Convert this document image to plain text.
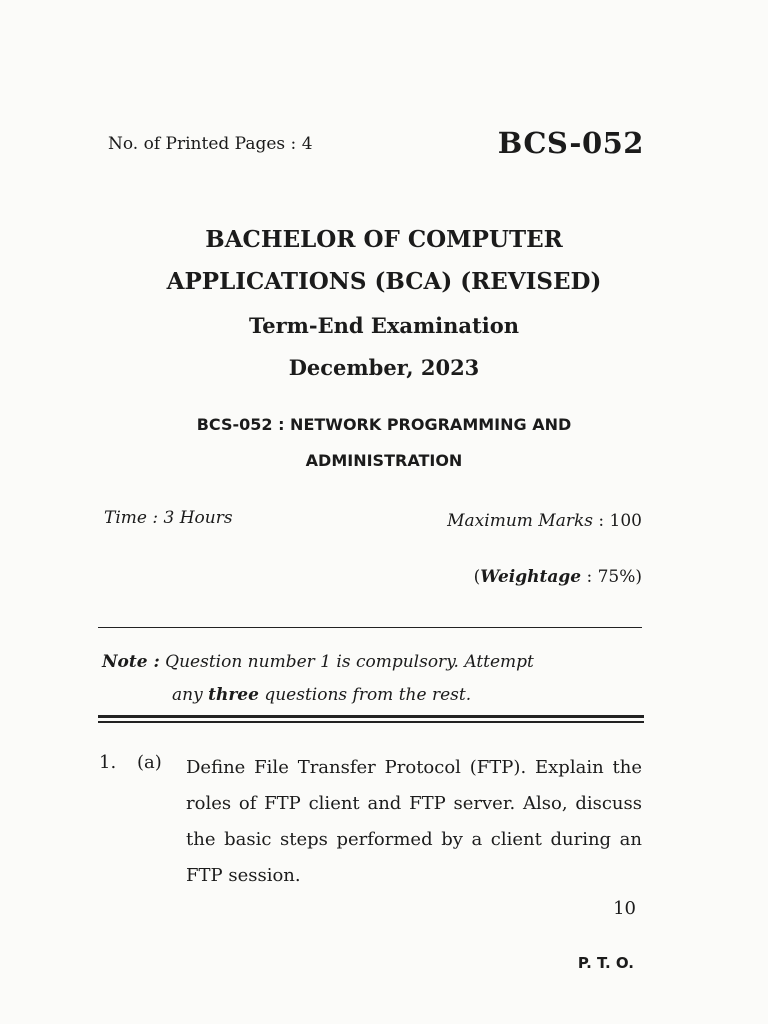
No. of Printed Pages : 4	BCS-052
BACHELOR OF COMPUTER
APPLICATIONS (BCA) (REVISED)
Term-End Examination
December, 2023
BCS-052 : NETWORK PROGRAMMING AND
ADMINISTRATION
Time : 3 Hours	Maximum Marks : 100
(Weightage : 75%)
Note : Question number 1 is compulsory. Attempt
any three questions from the rest.
1. (a) Define File Transfer Protocol (FTP). Explain the roles of FTP client and FTP server. Also, discuss the basic steps performed by a client during an FTP session.
10
P. T. O.
